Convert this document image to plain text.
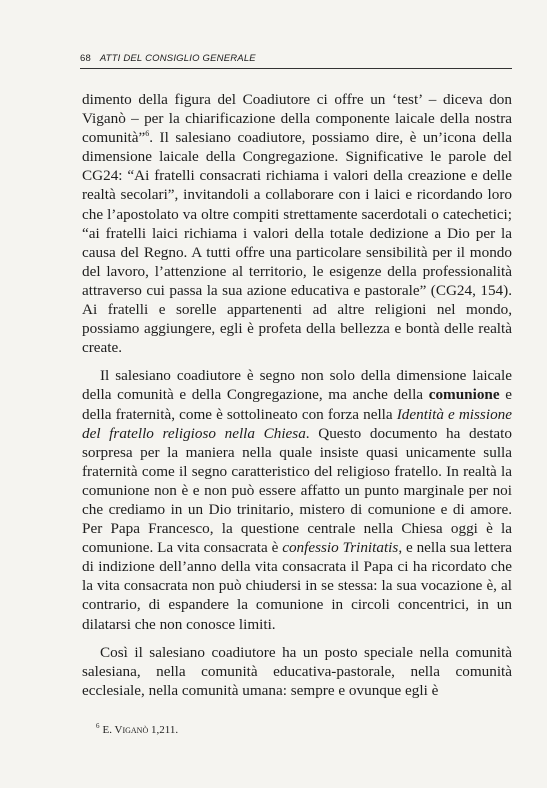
68 ATTI DEL CONSIGLIO GENERALE

dimento della figura del Coadiutore ci offre un ‘test’ – diceva don Viganò – per la chiarificazione della componente laicale della nostra comunità”$^6$. Il salesiano coadiutore, possiamo dire, è un’icona della dimensione laicale della Congregazione. Significative le parole del CG24: “Ai fratelli consacrati richiama i valori della creazione e delle realtà secolari”, invitandoli a collaborare con i laici e ricordando loro che l’apostolato va oltre compiti strettamente sacerdotali o catechetici; “ai fratelli laici richiama i valori della totale dedizione a Dio per la causa del Regno. A tutti offre una particolare sensibilità per il mondo del lavoro, l’attenzione al territorio, le esigenze della professionalità attraverso cui passa la sua azione educativa e pastorale” (CG24, 154). Ai fratelli e sorelle appartenenti ad altre religioni nel mondo, possiamo aggiungere, egli è profeta della bellezza e bontà delle realtà create.

Il salesiano coadiutore è segno non solo della dimensione laicale della comunità e della Congregazione, ma anche della comunione e della fraternità, come è sottolineato con forza nella Identità e missione del fratello religioso nella Chiesa. Questo documento ha destato sorpresa per la maniera nella quale insiste quasi unicamente sulla fraternità come il segno caratteristico del religioso fratello. In realtà la comunione non è e non può essere affatto un punto marginale per noi che crediamo in un Dio trinitario, mistero di comunione e di amore. Per Papa Francesco, la questione centrale nella Chiesa oggi è la comunione. La vita consacrata è confessio Trinitatis, e nella sua lettera di indizione dell’anno della vita consacrata il Papa ci ha ricordato che la vita consacrata non può chiudersi in se stessa: la sua vocazione è, al contrario, di espandere la comunione in circoli concentrici, in un dilatarsi che non conosce limiti.

Così il salesiano coadiutore ha un posto speciale nella comunità salesiana, nella comunità educativa-pastorale, nella comunità ecclesiale, nella comunità umana: sempre e ovunque egli è

$^6$ E. Viganò 1,211.
